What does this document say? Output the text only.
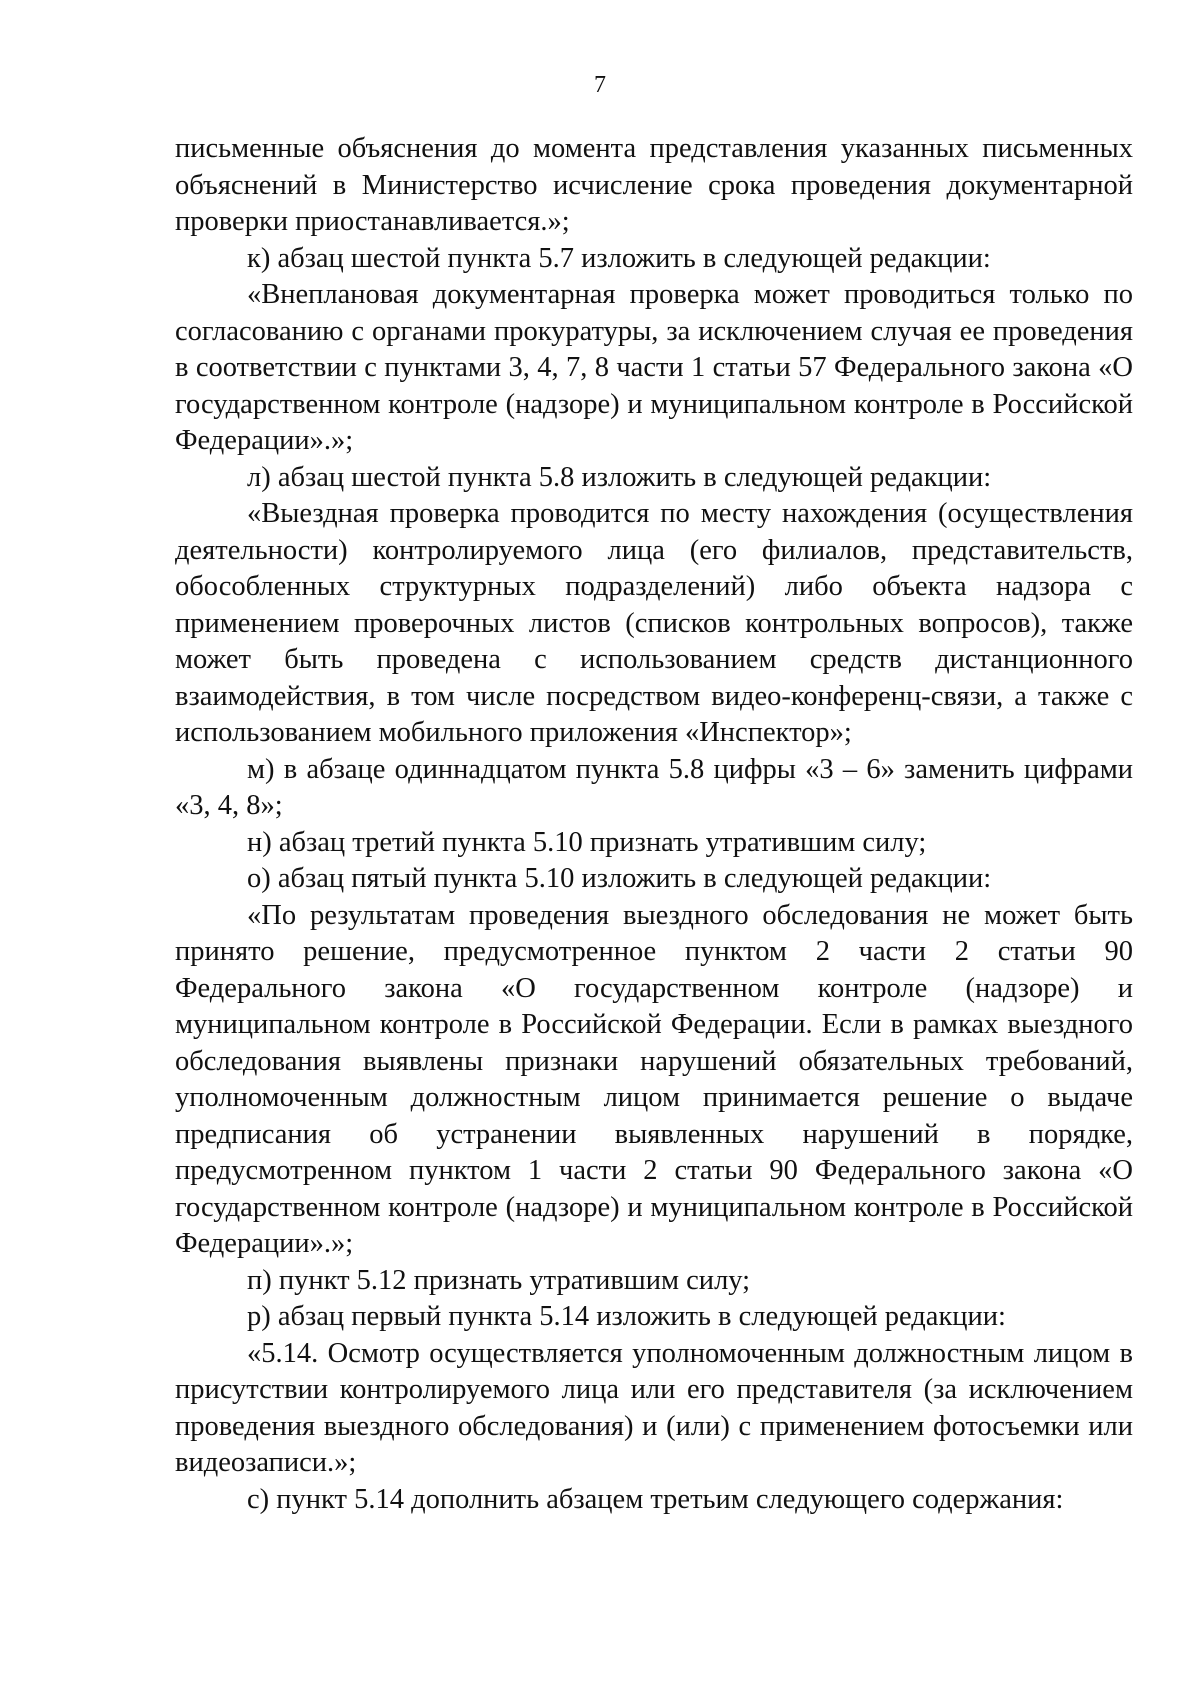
7

письменные объяснения до момента представления указанных письменных объяснений в Министерство исчисление срока проведения документарной проверки приостанавливается.»;

к) абзац шестой пункта 5.7 изложить в следующей редакции:

«Внеплановая документарная проверка может проводиться только по согласованию с органами прокуратуры, за исключением случая ее проведения в соответствии с пунктами 3, 4, 7, 8 части 1 статьи 57 Федерального закона «О государственном контроле (надзоре) и муниципальном контроле в Российской Федерации».»;

л) абзац шестой пункта 5.8 изложить в следующей редакции:

«Выездная проверка проводится по месту нахождения (осуществления деятельности) контролируемого лица (его филиалов, представительств, обособленных структурных подразделений) либо объекта надзора с применением проверочных листов (списков контрольных вопросов), также может быть проведена с использованием средств дистанционного взаимодействия, в том числе посредством видео-конференц-связи, а также с использованием мобильного приложения «Инспектор»;

м) в абзаце одиннадцатом пункта 5.8 цифры «3 – 6» заменить цифрами «3, 4, 8»;

н) абзац третий пункта 5.10 признать утратившим силу;

о) абзац пятый пункта 5.10 изложить в следующей редакции:

«По результатам проведения выездного обследования не может быть принято решение, предусмотренное пунктом 2 части 2 статьи 90 Федерального закона «О государственном контроле (надзоре) и муниципальном контроле в Российской Федерации. Если в рамках выездного обследования выявлены признаки нарушений обязательных требований, уполномоченным должностным лицом принимается решение о выдаче предписания об устранении выявленных нарушений в порядке, предусмотренном пунктом 1 части 2 статьи 90 Федерального закона «О государственном контроле (надзоре) и муниципальном контроле в Российской Федерации».»;

п) пункт 5.12 признать утратившим силу;

р) абзац первый пункта 5.14 изложить в следующей редакции:

«5.14. Осмотр осуществляется уполномоченным должностным лицом в присутствии контролируемого лица или его представителя (за исключением проведения выездного обследования) и (или) с применением фотосъемки или видеозаписи.»;

с) пункт 5.14 дополнить абзацем третьим следующего содержания:
